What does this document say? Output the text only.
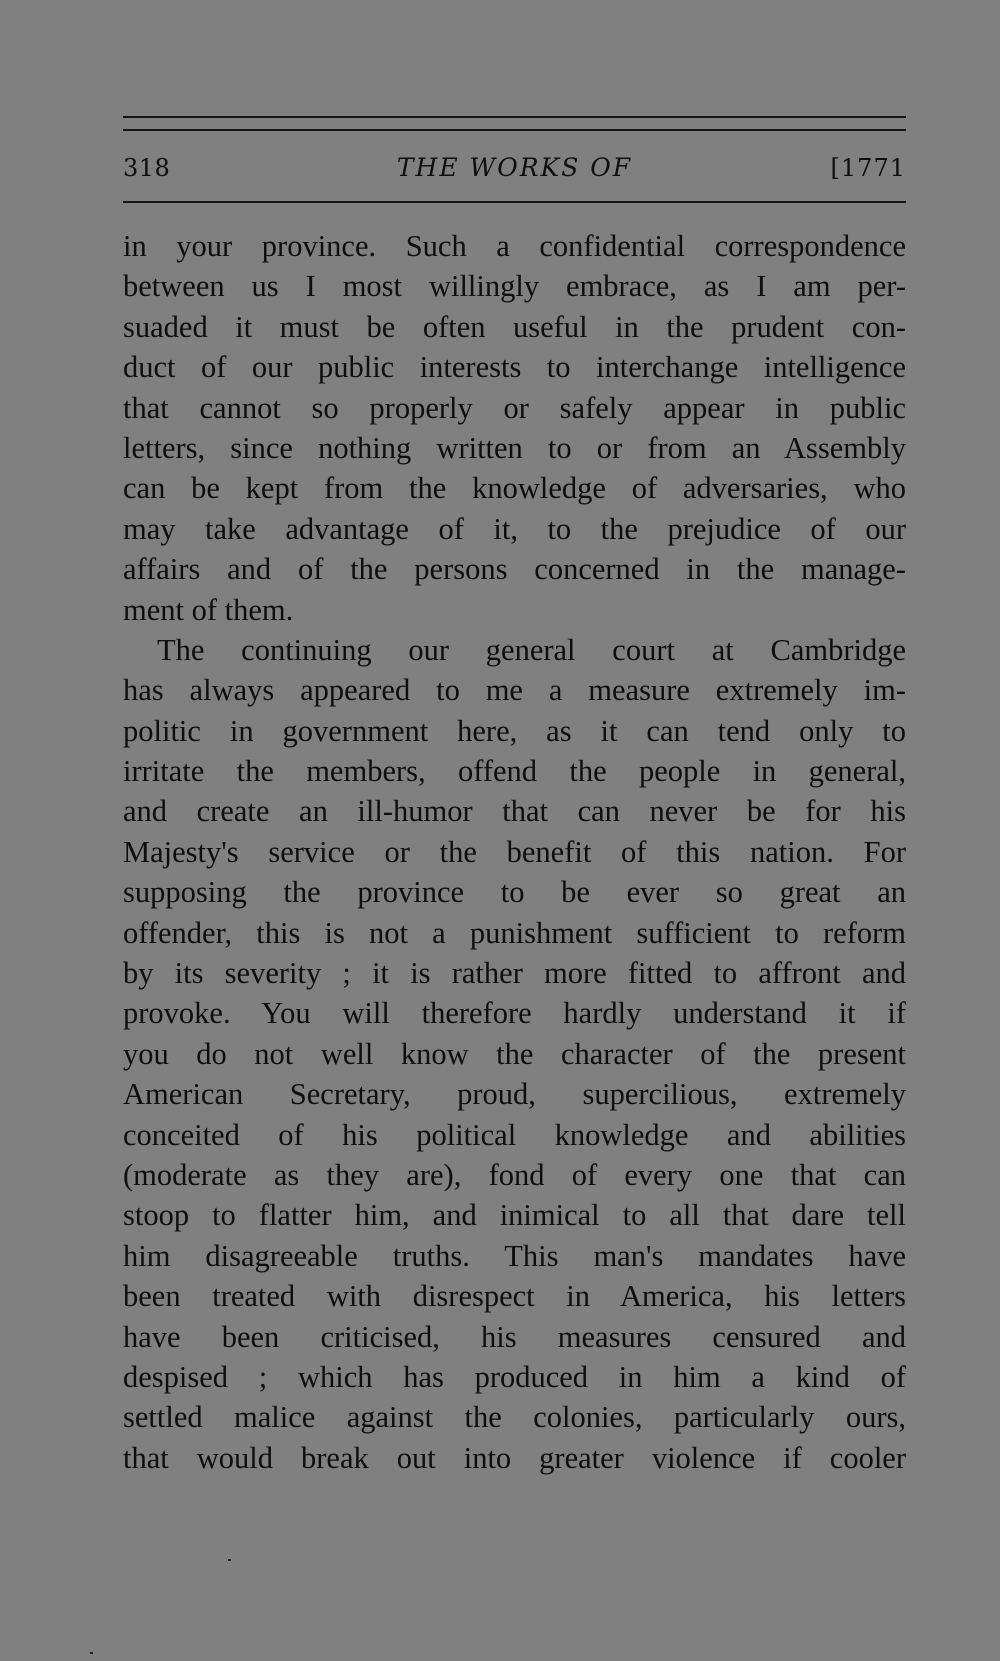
318	THE WORKS OF	[1771
in your province. Such a confidential correspondence
between us I most willingly embrace, as I am per-
suaded it must be often useful in the prudent con-
duct of our public interests to interchange intelligence
that cannot so properly or safely appear in public
letters, since nothing written to or from an Assembly
can be kept from the knowledge of adversaries, who
may take advantage of it, to the prejudice of our
affairs and of the persons concerned in the manage-
ment of them.
The continuing our general court at Cambridge
has always appeared to me a measure extremely im-
politic in government here, as it can tend only to
irritate the members, offend the people in general,
and create an ill-humor that can never be for his
Majesty's service or the benefit of this nation. For
supposing the province to be ever so great an
offender, this is not a punishment sufficient to reform
by its severity ; it is rather more fitted to affront and
provoke. You will therefore hardly understand it if
you do not well know the character of the present
American Secretary, proud, supercilious, extremely
conceited of his political knowledge and abilities
(moderate as they are), fond of every one that can
stoop to flatter him, and inimical to all that dare tell
him disagreeable truths. This man's mandates have
been treated with disrespect in America, his letters
have been criticised, his measures censured and
despised ; which has produced in him a kind of
settled malice against the colonies, particularly ours,
that would break out into greater violence if cooler
